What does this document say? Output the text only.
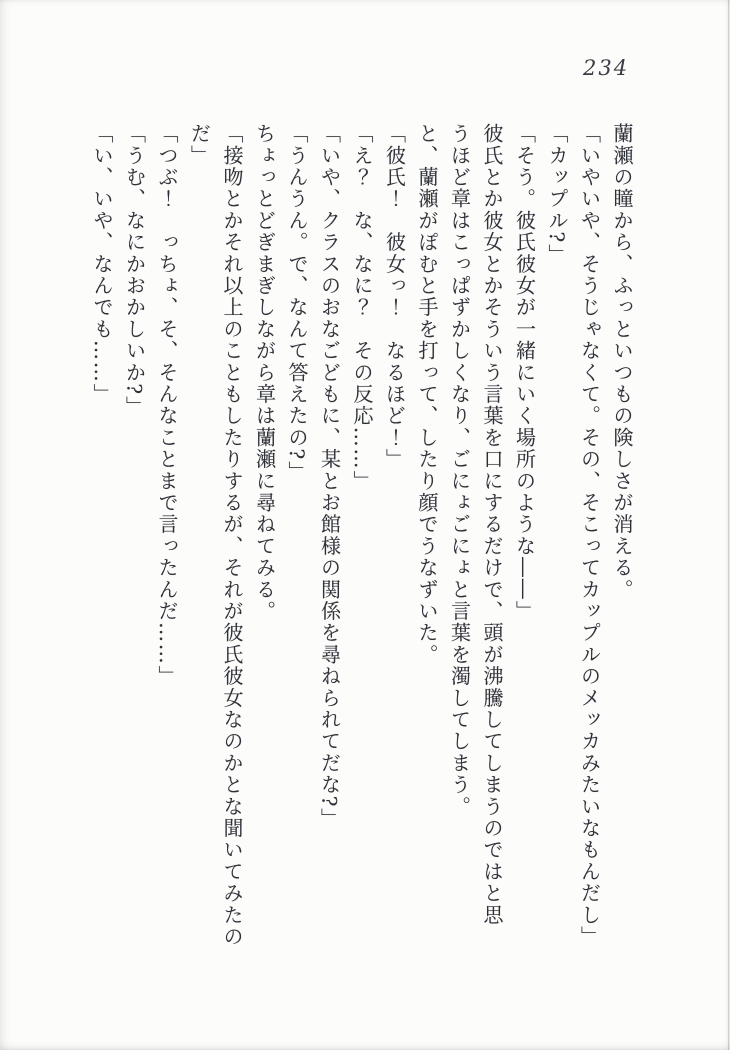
234
蘭瀬の瞳から、ふっといつもの険しさが消える。
「いやいや、そうじゃなくて。その、そこってカップルのメッカみたいなもんだし」
「カップル?」
「そう。彼氏彼女が一緒にいく場所のような――」
彼氏とか彼女とかそういう言葉を口にするだけで、頭が沸騰してしまうのではと思
うほど章はこっぱずかしくなり、ごにょごにょと言葉を濁してしまう。
と、蘭瀬がぽむと手を打って、したり顔でうなずいた。
「彼氏！　彼女っ！　なるほど！」
「え？　な、なに？　その反応……」
「いや、クラスのおなごどもに、某とお館様の関係を尋ねられてだな?」
「うんうん。で、なんて答えたの?」
ちょっとどぎまぎしながら章は蘭瀬に尋ねてみる。
「接吻とかそれ以上のこともしたりするが、それが彼氏彼女なのかとな聞いてみたの
だ」
「つぶ！　っちょ、そ、そんなことまで言ったんだ……」
「うむ、なにかおかしいか?」
「い、いや、なんでも……」
